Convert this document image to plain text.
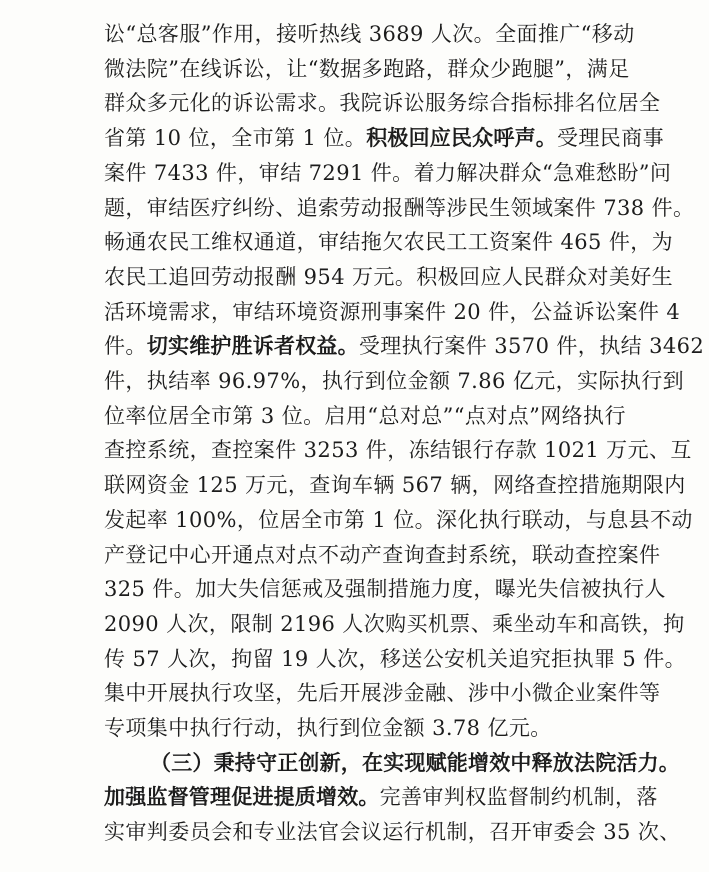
讼“总客服”作用，接听热线 3689 人次。全面推广“移动
微法院”在线诉讼，让“数据多跑路，群众少跑腿”，满足
群众多元化的诉讼需求。我院诉讼服务综合指标排名位居全
省第 10 位，全市第 1 位。积极回应民众呼声。受理民商事
案件 7433 件，审结 7291 件。着力解决群众“急难愁盼”问
题，审结医疗纠纷、追索劳动报酬等涉民生领域案件 738 件。
畅通农民工维权通道，审结拖欠农民工工资案件 465 件，为
农民工追回劳动报酬 954 万元。积极回应人民群众对美好生
活环境需求，审结环境资源刑事案件 20 件，公益诉讼案件 4
件。切实维护胜诉者权益。受理执行案件 3570 件，执结 3462
件，执结率 96.97%，执行到位金额 7.86 亿元，实际执行到
位率位居全市第 3 位。启用“总对总”“点对点”网络执行
查控系统，查控案件 3253 件，冻结银行存款 1021 万元、互
联网资金 125 万元，查询车辆 567 辆，网络查控措施期限内
发起率 100%，位居全市第 1 位。深化执行联动，与息县不动
产登记中心开通点对点不动产查询查封系统，联动查控案件
325 件。加大失信惩戒及强制措施力度，曝光失信被执行人
2090 人次，限制 2196 人次购买机票、乘坐动车和高铁，拘
传 57 人次，拘留 19 人次，移送公安机关追究拒执罪 5 件。
集中开展执行攻坚，先后开展涉金融、涉中小微企业案件等
专项集中执行行动，执行到位金额 3.78 亿元。
（三）秉持守正创新，在实现赋能增效中释放法院活力。
加强监督管理促进提质增效。完善审判权监督制约机制，落
实审判委员会和专业法官会议运行机制，召开审委会 35 次、
